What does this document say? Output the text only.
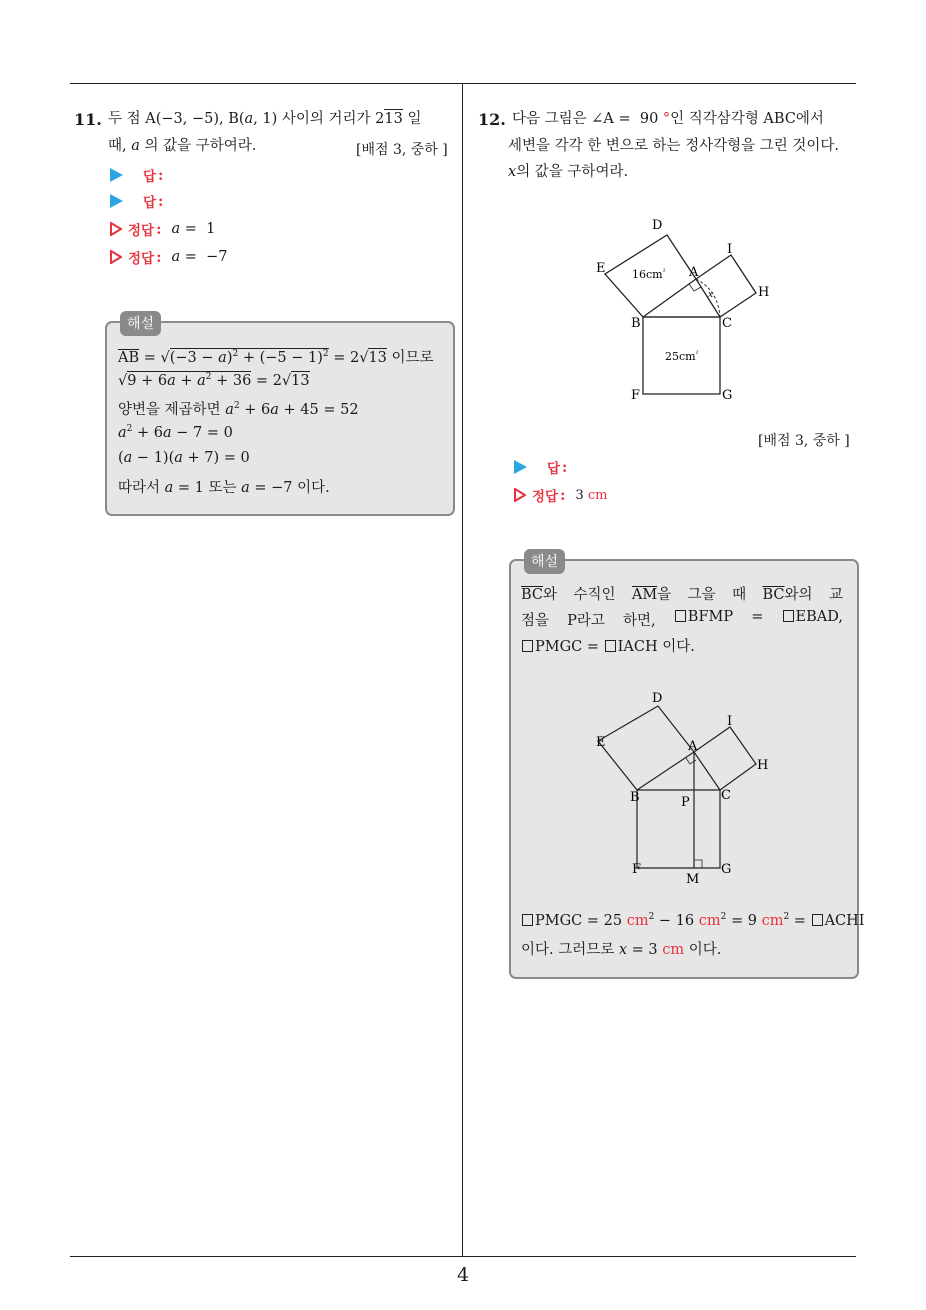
4
11. 두 점 A(−3, −5), B(a, 1) 사이의 거리가 213 일
때, a 의 값을 구하여라.	[배점 3, 중하 ]
답 :
답 :
정답 : a =  1
정답 : a =  −7
해설
$\overline{AB} = √(-3 - a)^2 + (-5 - 1)^2 = 2√13$ 이므로
$√9 + 6a + a^2 + 36 = 2√13$
양변을 제곱하면 $a^2 + 6a + 45 = 52$
$a^2 + 6a - 7 = 0$
(a − 1)(a + 7) = 0
따라서 a = 1 또는 a = −7 이다.
12. 다음 그림은 ∠A =  90 °인 직각삼각형 ABC에서
세변을 각각 한 변으로 하는 정사각형을 그린 것이다.
x의 값을 구하여라.
D
E	A
I
H
B	C
F	G
$16cm^{^2}$
$25cm^{^2}$
x
[배점 3, 중하 ]
답 :
정답 : 3 cm
해설
$\overline{BC}$와 수직인 $\overline{AM}$을 그을 때 $\overline{BC}$와의 교
점을 P라고 하면,	BFMP =	EBAD,
PMGC = IACH 이다.
D
E	A
I
H
B	P C
F
M
G
PMGC = 25 $cm^2 - 16$ $cm^2 = 9$ $cm^2$ = ACHI
이다. 그러므로 x = 3 cm 이다.
